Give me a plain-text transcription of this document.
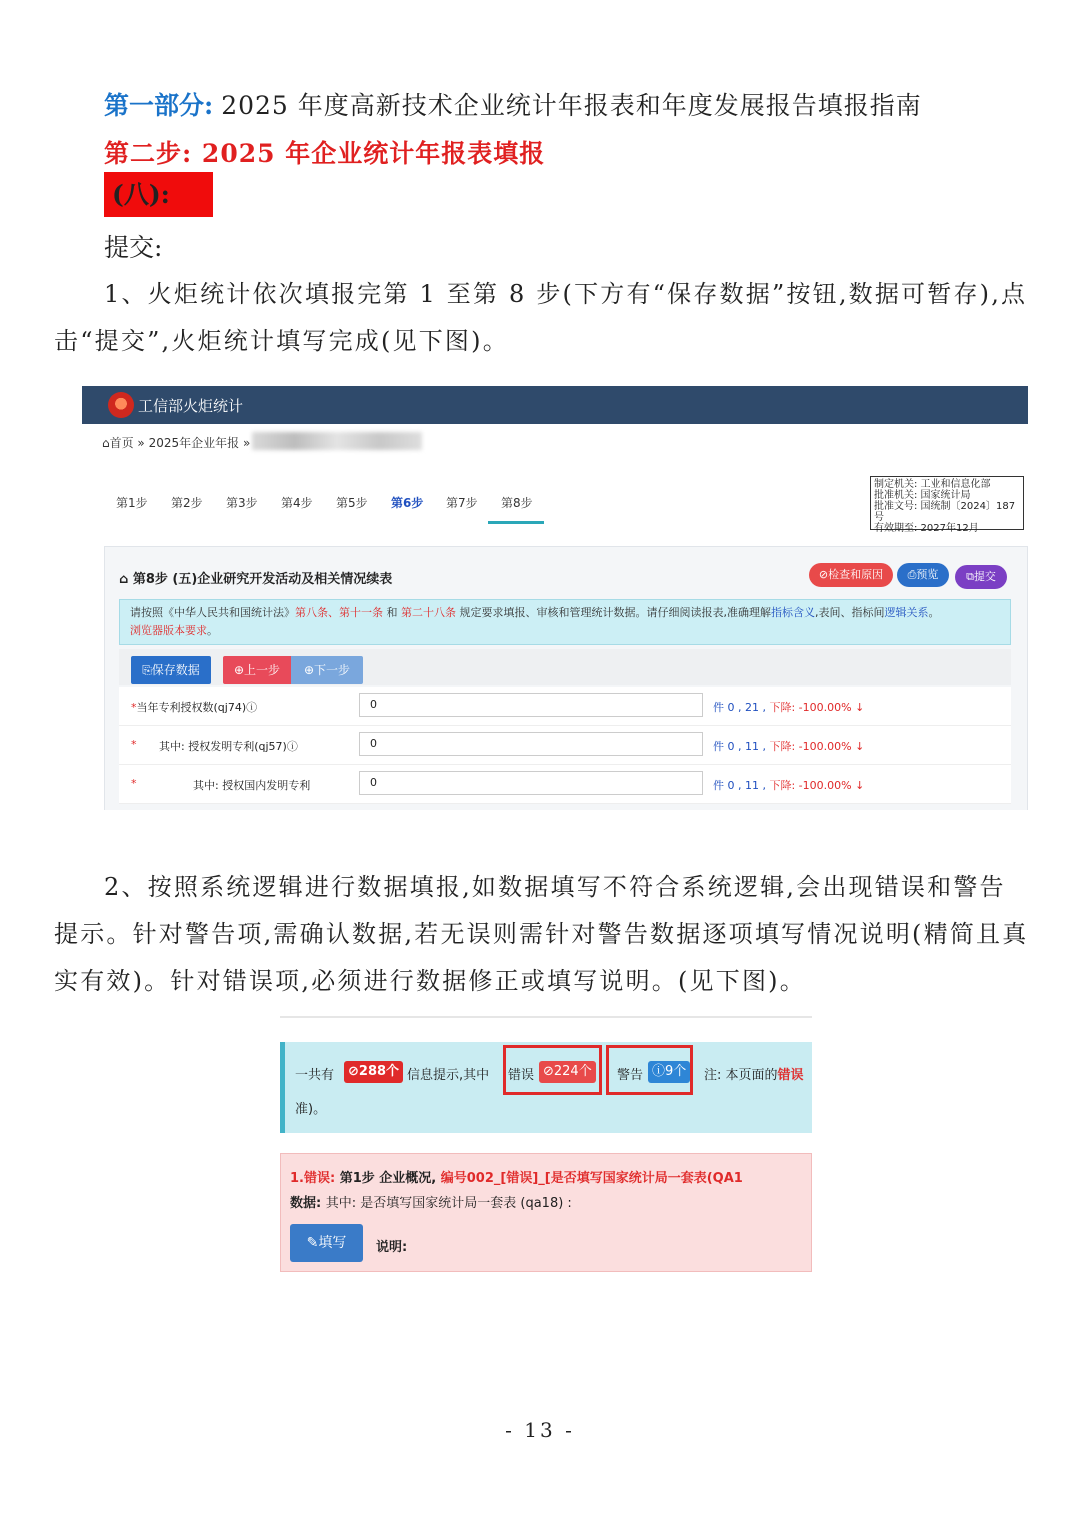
第一部分: 2025 年度高新技术企业统计年报表和年度发展报告填报指南
第二步: 2025 年企业统计年报表填报
(八):
提交:
1、火炬统计依次填报完第 1 至第 8 步(下方有“保存数据”按钮,数据可暂存),点击“提交”,火炬统计填写完成(见下图)。
工信部火炬统计
⌂首页 » 2025年企业年报 »
第1步 第2步 第3步 第4步 第5步 第6步 第7步 第8步
制定机关: 工业和信息化部
批准机关: 国家统计局
批准文号: 国统制〔2024〕187号
有效期至: 2027年12月
⌂ 第8步 (五)企业研究开发活动及相关情况续表	⊘检查和原因	⎙预览	⧉提交
请按照《中华人民共和国统计法》第八条、第十一条 和 第二十八条 规定要求填报、审核和管理统计数据。请仔细阅读报表,准确理解指标含义,表间、指标间逻辑关系。
浏览器版本要求。
⎘保存数据	⊕上一步	⊕下一步
*当年专利授权数(qj74)ⓘ	0	件 0 , 21 , 下降: -100.00% ↓
* 其中: 授权发明专利(qj57)ⓘ	0	件 0 , 11 , 下降: -100.00% ↓
*	其中: 授权国内发明专利	0	件 0 , 11 , 下降: -100.00% ↓
2、按照系统逻辑进行数据填报,如数据填写不符合系统逻辑,会出现错误和警告提示。针对警告项,需确认数据,若无误则需针对警告数据逐项填写情况说明(精简且真实有效)。针对错误项,必须进行数据修正或填写说明。(见下图)。
一共有	⊘288个 信息提示,其中 错误 ⊘224个	警告 ⓘ9个	注: 本页面的错误
准)。
1.错误: 第1步 企业概况, 编号002_[错误]_[是否填写国家统计局一套表(QA1
数据: 其中: 是否填写国家统计局一套表 (qa18) :
✎填写	说明:
- 13 -
